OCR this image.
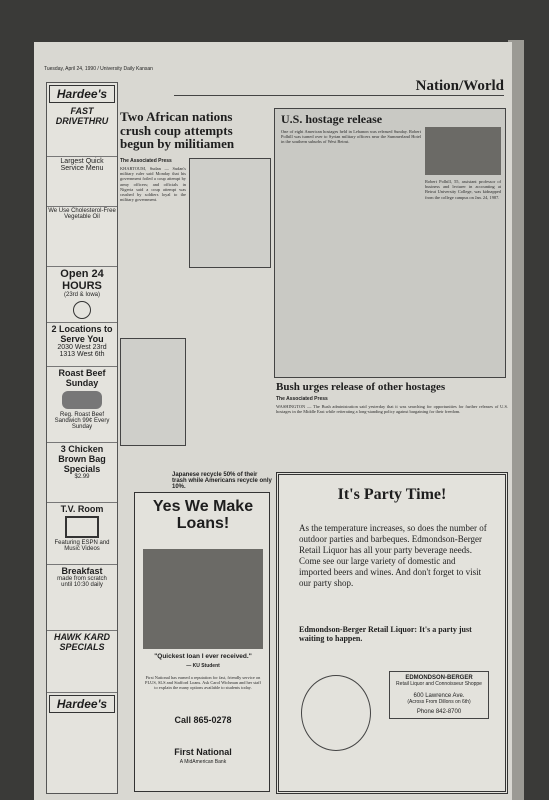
Tuesday, April 24, 1990 / University Daily Kansan
Nation/World
Hardee's
FAST DRIVETHRU
Largest Quick Service Menu
We Use Cholesterol-Free Vegetable Oil
Open 24 HOURS
(23rd & Iowa)
2 Locations to Serve You
2030 West 23rd
1313 West 6th
Roast Beef Sunday
Reg. Roast Beef Sandwich 99¢ Every Sunday
3 Chicken Brown Bag Specials
$2.99
T.V. Room
Featuring ESPN and Music Videos
Breakfast
made from scratch
until 10:30 daily
HAWK KARD SPECIALS
Hardee's
Two African nations crush coup attempts begun by militiamen
The Associated Press
KHARTOUM, Sudan — Sudan's military ruler said Monday that his government foiled a coup attempt by army officers; and officials in Nigeria said a coup attempt was crushed by soldiers loyal to the military government.
U.S. hostage release
One of eight American hostages held in Lebanon was released Sunday. Robert Polhill was turned over to Syrian military officers near the Summerland Hotel in the southern suburbs of West Beirut.
Robert Polhill, 55, assistant professor of business and lecturer in accounting at Beirut University College, was kidnapped from the college campus on Jan. 24, 1987.
Bush urges release of other hostages
The Associated Press
WASHINGTON — The Bush administration said yesterday that it was searching for opportunities for further releases of U.S. hostages in the Middle East while reiterating a long-standing policy against bargaining for their freedom.
Japanese recycle 50% of their trash while Americans recycle only 10%.
Yes We Make Loans!
"Quickest loan I ever received."
— KU Student
First National has earned a reputation for fast, friendly service on PLUS, SLS and Stafford Loans. Ask Carol Wichman and her staff to explain the many options available to students today.
Call 865-0278
First National
A MidAmerican Bank
It's Party Time!
As the temperature increases, so does the number of outdoor parties and barbeques. Edmondson-Berger Retail Liquor has all your party beverage needs. Come see our large variety of domestic and imported beers and wines. And don't forget to visit our party shop.
Edmondson-Berger Retail Liquor: It's a party just waiting to happen.
EDMONDSON-BERGER
Retail Liquor and Connoisseur Shoppe
600 Lawrence Ave.
(Across From Dillons on 6th)
Phone 842-8700
